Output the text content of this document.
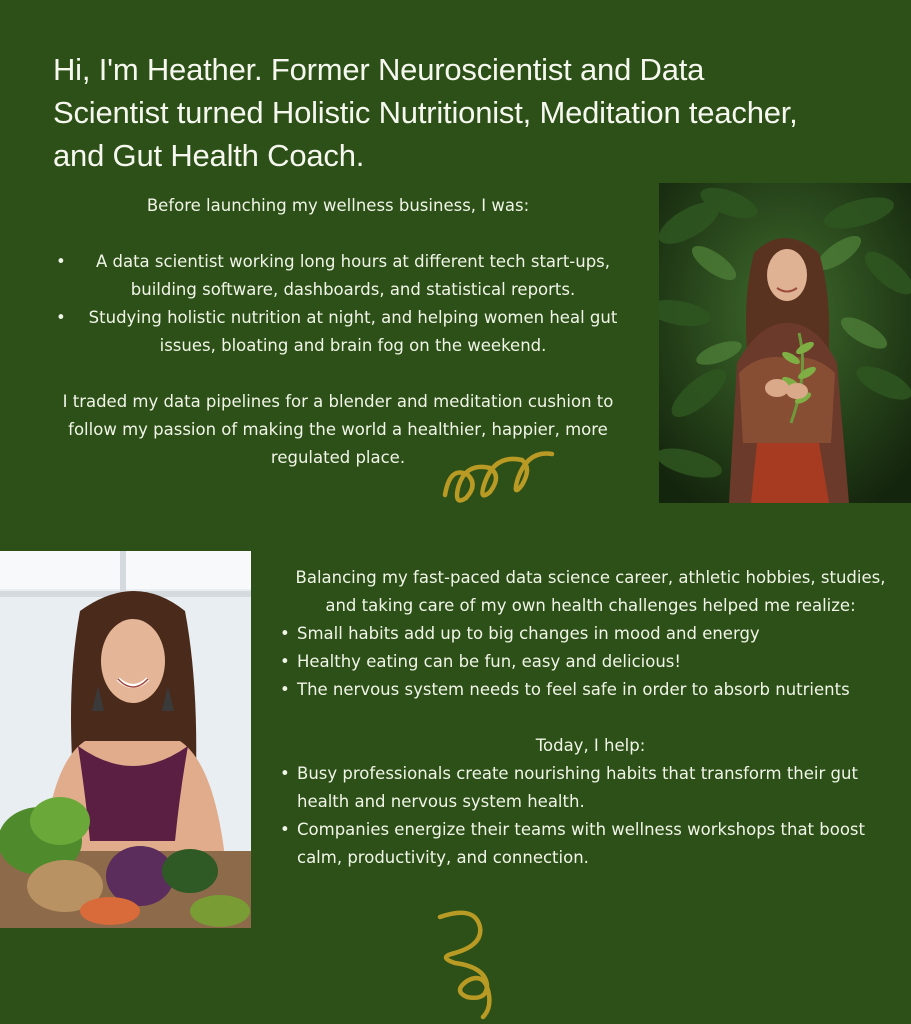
Hi, I'm Heather. Former Neuroscientist and Data Scientist turned Holistic Nutritionist, Meditation teacher, and Gut Health Coach.

Before launching my wellness business, I was:

• A data scientist working long hours at different tech start-ups, building software, dashboards, and statistical reports.
• Studying holistic nutrition at night, and helping women heal gut issues, bloating and brain fog on the weekend.

I traded my data pipelines for a blender and meditation cushion to follow my passion of making the world a healthier, happier, more regulated place.

Balancing my fast-paced data science career, athletic hobbies, studies, and taking care of my own health challenges helped me realize:

• Small habits add up to big changes in mood and energy
• Healthy eating can be fun, easy and delicious!
• The nervous system needs to feel safe in order to absorb nutrients

Today, I help:

• Busy professionals create nourishing habits that transform their gut health and nervous system health.
• Companies energize their teams with wellness workshops that boost calm, productivity, and connection.
